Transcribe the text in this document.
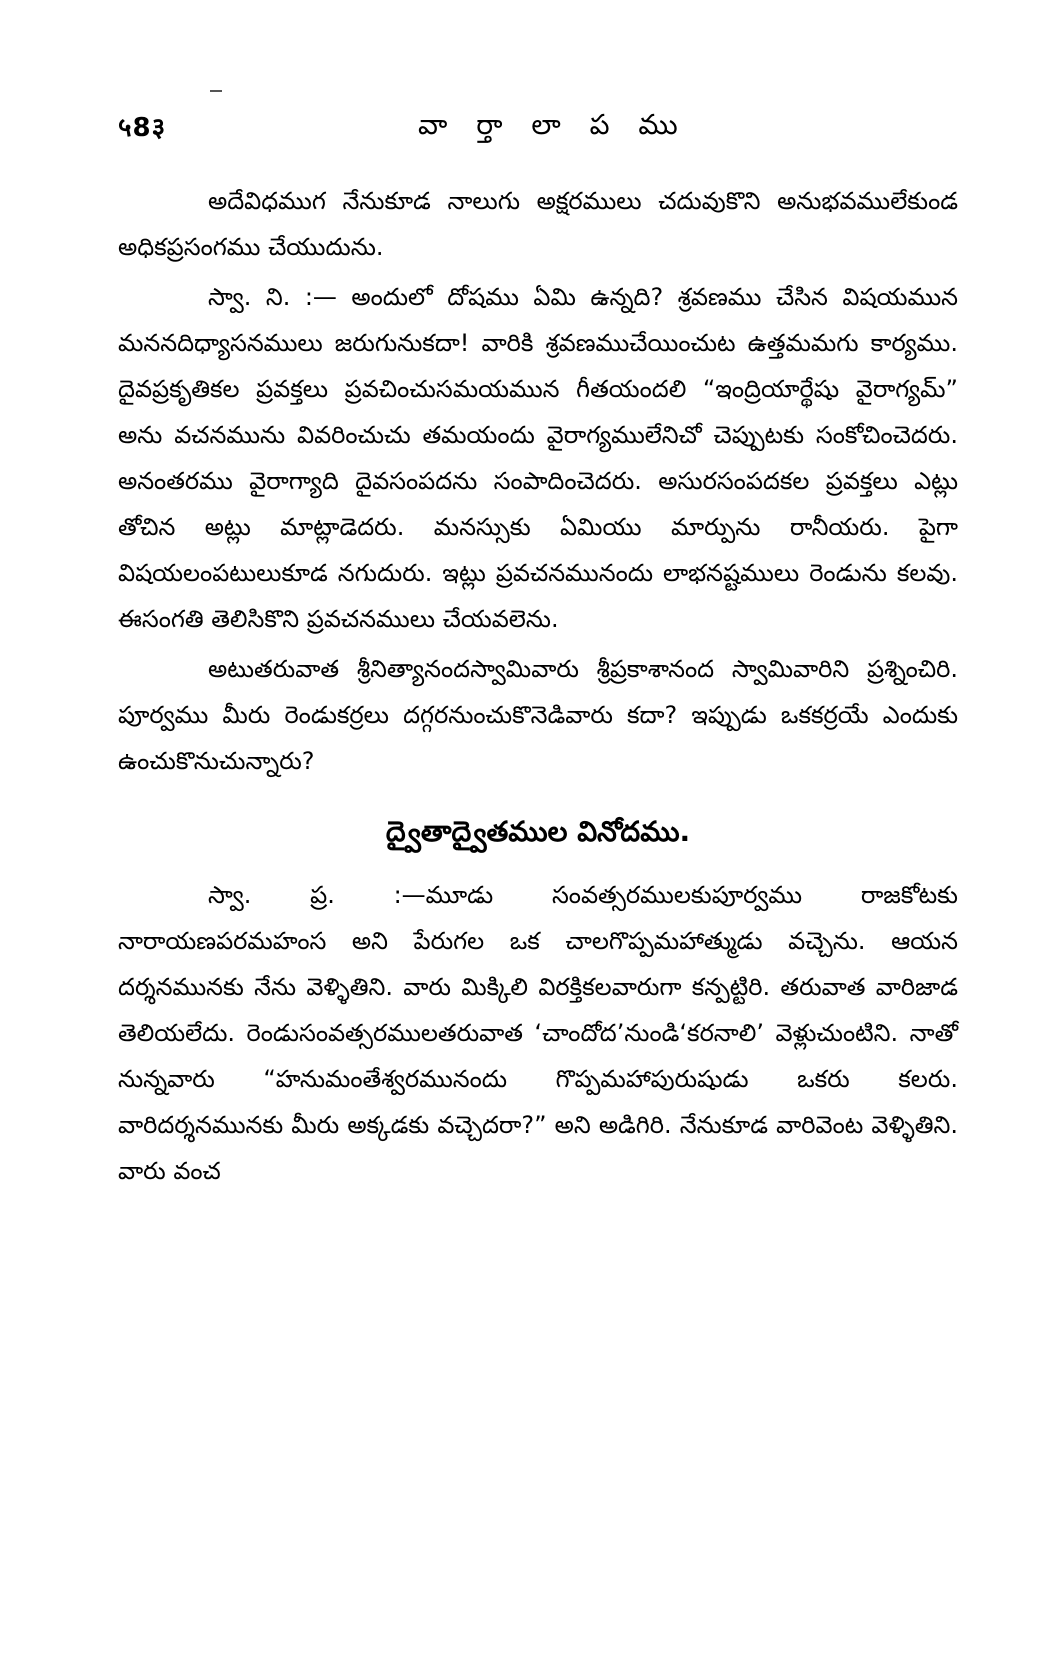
५8३	వా ర్తా లా ప ము

అదేవిధముగ నేనుకూడ నాలుగు అక్షరములు చదువుకొని అనుభవములేకుండ అధికప్రసంగము చేయుదును.

స్వా. ని. :— అందులో దోషము ఏమి ఉన్నది? శ్రవణము చేసిన విషయమున మననదిధ్యాసనములు జరుగునుకదా! వారికి శ్రవణముచేయించుట ఉత్తమమగు కార్యము. దైవప్రకృతికల ప్రవక్తలు ప్రవచించుసమయమున గీతయందలి “ఇంద్రియార్థేషు వైరాగ్యమ్” అను వచనమును వివరించుచు తమయందు వైరాగ్యములేనిచో చెప్పుటకు సంకోచించెదరు. అనంతరము వైరాగ్యాది దైవసంపదను సంపాదించెదరు. అసురసంపదకల ప్రవక్తలు ఎట్లు తోచిన అట్లు మాట్లాడెదరు. మనస్సుకు ఏమియు మార్పును రానీయరు. పైగా విషయలంపటులుకూడ నగుదురు. ఇట్లు ప్రవచనమునందు లాభనష్టములు రెండును కలవు. ఈసంగతి తెలిసికొని ప్రవచనములు చేయవలెను.

అటుతరువాత శ్రీనిత్యానందస్వామివారు శ్రీప్రకాశానంద స్వామివారిని ప్రశ్నించిరి. పూర్వము మీరు రెండుకర్రలు దగ్గరనుంచుకొనెడివారు కదా? ఇప్పుడు ఒకకర్రయే ఎందుకు ఉంచుకొనుచున్నారు?

ద్వైతాద్వైతముల వినోదము.

స్వా. ప్ర. :—మూడు సంవత్సరములకుపూర్వము రాజకోటకు నారాయణపరమహంస అని పేరుగల ఒక చాలగొప్పమహాత్ముడు వచ్చెను. ఆయన దర్శనమునకు నేను వెళ్ళితిని. వారు మిక్కిలి విరక్తికలవారుగా కన్పట్టిరి. తరువాత వారిజాడ తెలియలేదు. రెండుసంవత్సరములతరువాత ‘చాందోద’నుండి‘కరనాలి’ వెళ్లుచుంటిని. నాతో నున్నవారు “హనుమంతేశ్వరమునందు గొప్పమహాపురుషుడు ఒకరు కలరు. వారిదర్శనమునకు మీరు అక్కడకు వచ్చెదరా?” అని అడిగిరి. నేనుకూడ వారివెంట వెళ్ళితిని. వారు వంచ
